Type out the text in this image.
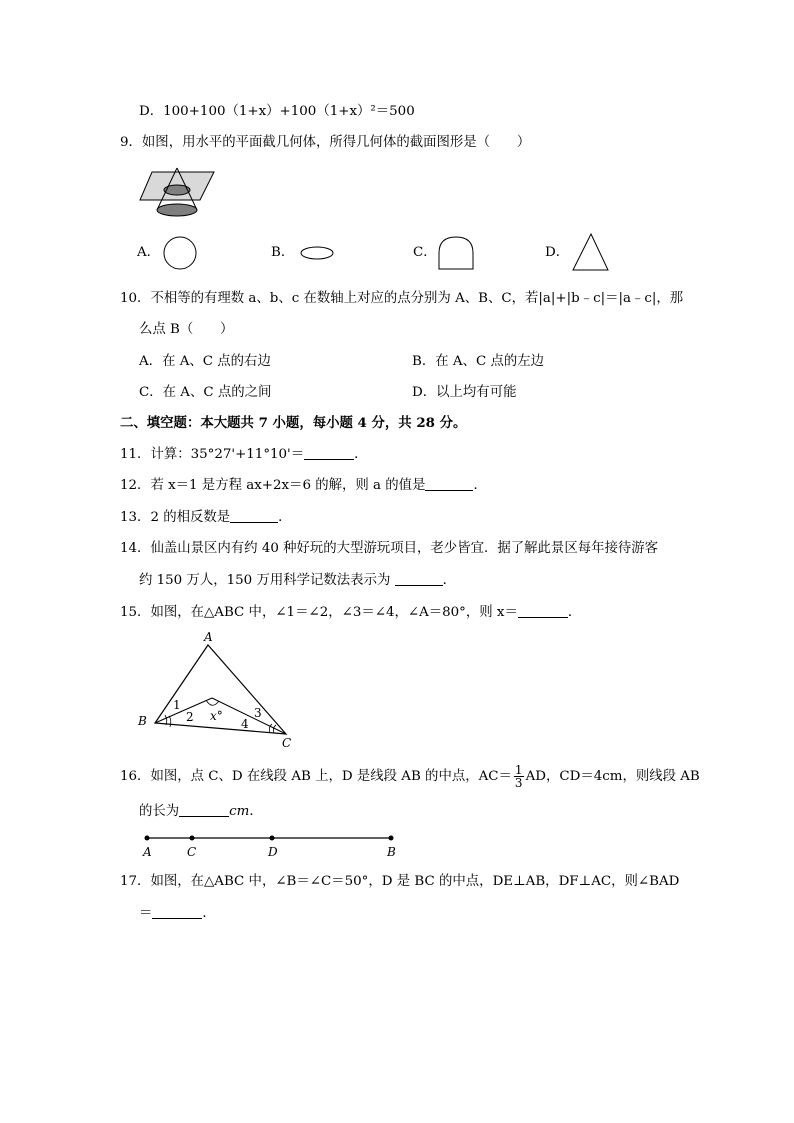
D．100+100（1+x）+100（1+x）²＝500
9．如图，用水平的平面截几何体，所得几何体的截面图形是（　　）
A．	B．	C．	D．
10．不相等的有理数 a、b、c 在数轴上对应的点分别为 A、B、C，若|a|+|b﹣c|＝|a﹣c|，那
么点 B（　　）
A．在 A、C 点的右边	B．在 A、C 点的左边
C．在 A、C 点的之间	D．以上均有可能
二、填空题：本大题共 7 小题，每小题 4 分，共 28 分。
11．计算：35°27'+11°10'＝	．
12．若 x＝1 是方程 ax+2x＝6 的解，则 a 的值是	．
13．2 的相反数是	．
14．仙盖山景区内有约 40 种好玩的大型游玩项目，老少皆宜．据了解此景区每年接待游客
约 150 万人，150 万用科学记数法表示为	．
15．如图，在△ABC 中，∠1＝∠2，∠3＝∠4，∠A＝80°，则 x＝	．
A
B
C
1
2	3
4
x°
16．如图，点 C、D 在线段 AB 上，D 是线段 AB 的中点，$AC= \frac{1}{3}$ AD，CD＝4cm，则线段 AB
的长为	cm．
A	C	D	B
17．如图，在△ABC 中，∠B＝∠C＝50°，D 是 BC 的中点，DE⊥AB，DF⊥AC，则∠BAD
＝	．
